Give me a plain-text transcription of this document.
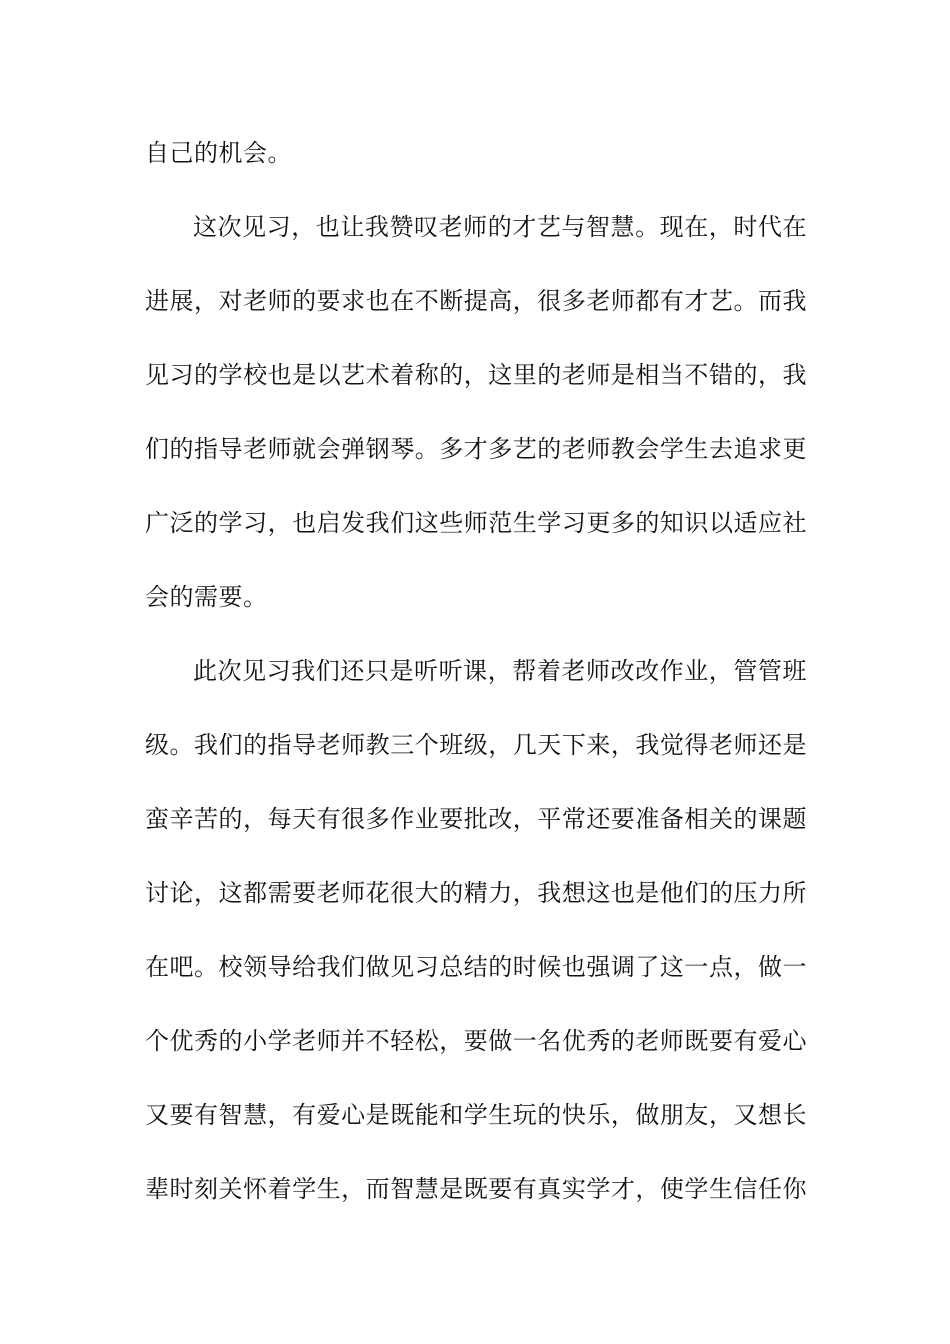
自己的机会。
这次见习，也让我赞叹老师的才艺与智慧。现在，时代在
进展，对老师的要求也在不断提高，很多老师都有才艺。而我
见习的学校也是以艺术着称的，这里的老师是相当不错的，我
们的指导老师就会弹钢琴。多才多艺的老师教会学生去追求更
广泛的学习，也启发我们这些师范生学习更多的知识以适应社
会的需要。
此次见习我们还只是听听课，帮着老师改改作业，管管班
级。我们的指导老师教三个班级，几天下来，我觉得老师还是
蛮辛苦的，每天有很多作业要批改，平常还要准备相关的课题
讨论，这都需要老师花很大的精力，我想这也是他们的压力所
在吧。校领导给我们做见习总结的时候也强调了这一点，做一
个优秀的小学老师并不轻松，要做一名优秀的老师既要有爱心
又要有智慧，有爱心是既能和学生玩的快乐，做朋友，又想长
辈时刻关怀着学生，而智慧是既要有真实学才，使学生信任你
